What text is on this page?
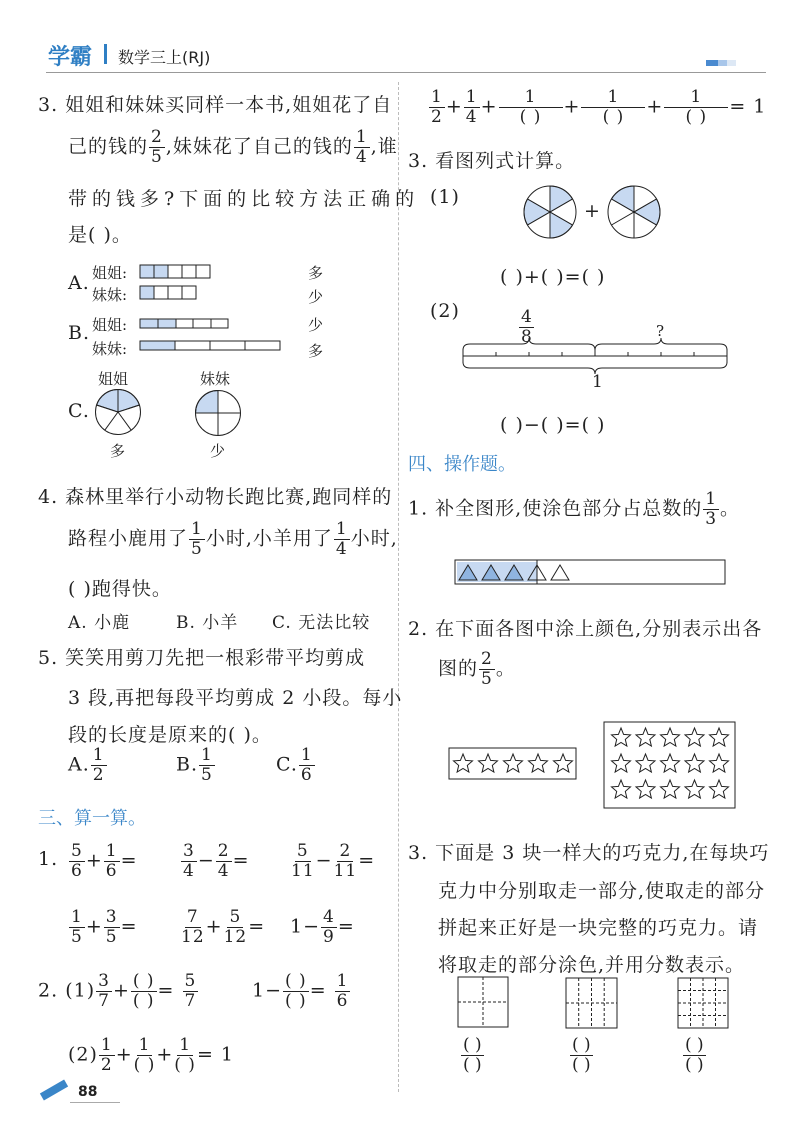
学霸 数学三上(RJ)
3. 姐姐和妹妹买同样一本书,姐姐花了自
己的钱的 $\frac{2}{5}$ ,妹妹花了自己的钱的 $\frac{1}{4}$ ,谁
带的钱多?下面的比较方法正确的
是( )。
A. 姐姐:
妹妹:
多
少
B. 姐姐:
妹妹:
少
多
C.
姐姐	妹妹
多	少
4. 森林里举行小动物长跑比赛,跑同样的
路程小鹿用了 $\frac{1}{5}$ 小时,小羊用了 $\frac{1}{4}$ 小时,
( )跑得快。
A. 小鹿	B. 小羊 C. 无法比较
5. 笑笑用剪刀先把一根彩带平均剪成
3 段,再把每段平均剪成 2 小段。每小
段的长度是原来的( )。
A. $\frac{1}{2}$	B. $\frac{1}{5}$	C. $\frac{1}{6}$
三、算一算。
1. $\frac{5}{6} + \frac{1}{6}$ =	$\frac{3}{4} - \frac{2}{4} = \frac{5}{11} - \frac{2}{11}$ =
$\frac{1}{5} + \frac{3}{5}$ =	$\frac{7}{12} + \frac{5}{12} = 1- \frac{4}{9}$ =
2. $(1) \frac{3}{7} + \frac{( )}{( )} = \frac{5}{7}$	$1- \frac{( )}{( )} = \frac{1}{6}$
$(2) \frac{1}{2} + \frac{1}{( )} + \frac{1}{( )} = 1$
88
$\frac{1}{2} + \frac{1}{4} + \frac{1}{( )} + \frac{1}{( )} + \frac{1}{( )} = 1$
3. 看图列式计算。
(1)
+
( )+( )=( )
(2)	$\frac{4}{8}$	?
1
( )−( )=( )
四、操作题。
1. 补全图形,使涂色部分占总数的 $\frac{1}{3}$ 。
2. 在下面各图中涂上颜色,分别表示出各
图的 $\frac{2}{5}$ 。
3. 下面是 3 块一样大的巧克力,在每块巧
克力中分别取走一部分,使取走的部分
拼起来正好是一块完整的巧克力。请
将取走的部分涂色,并用分数表示。
$\frac{( )}{( )}$	$\frac{( )}{( )}$	$\frac{( )}{( )}$
